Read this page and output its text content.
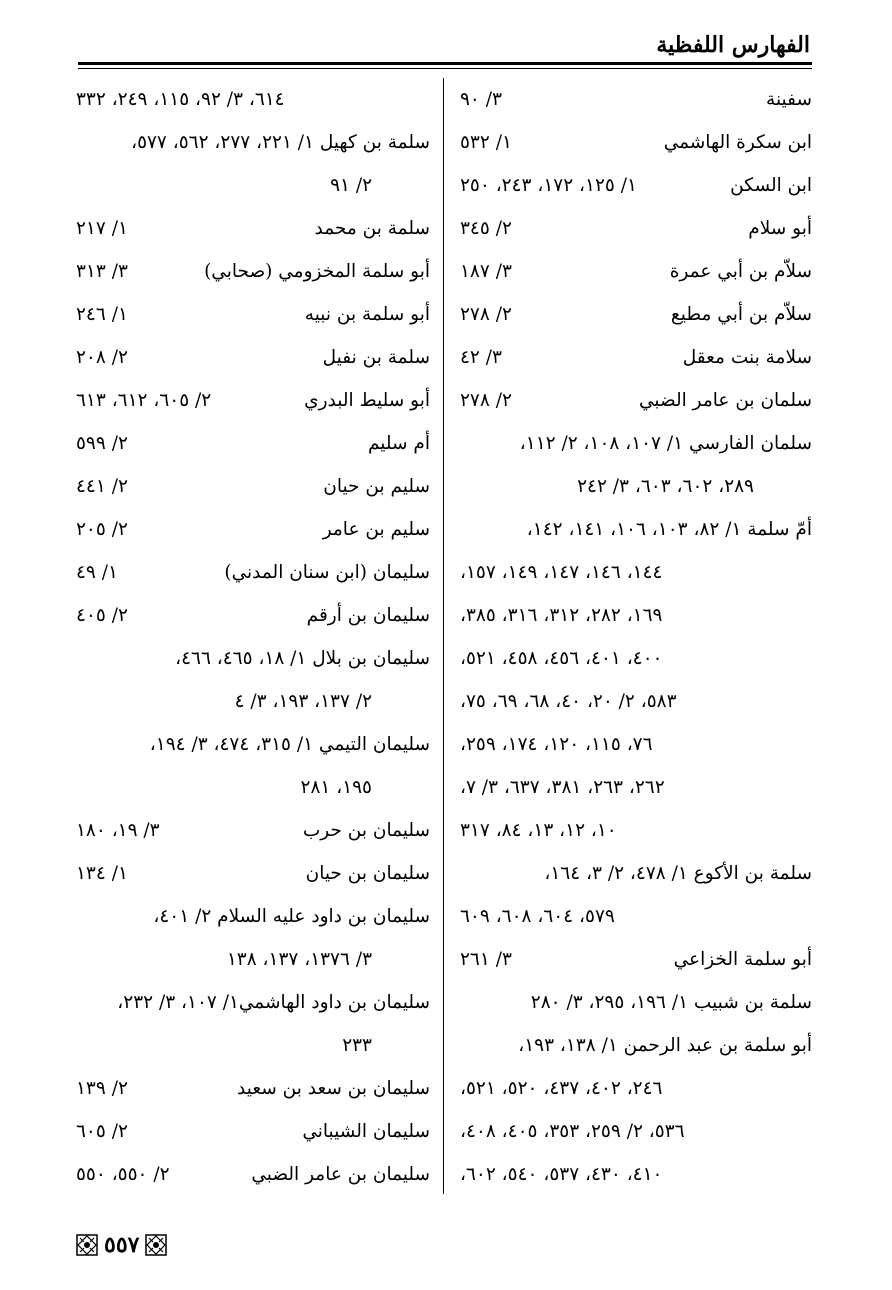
الفهارس اللفظية
سفينة
٣/ ٩٠
ابن سكرة الهاشمي
١/ ٥٣٢
ابن السكن
١/ ١٢٥، ١٧٢، ٢٤٣، ٢٥٠
أبو سلام
٢/ ٣٤٥
سلاّم بن أبي عمرة
٣/ ١٨٧
سلاّم بن أبي مطيع
٢/ ٢٧٨
سلامة بنت معقل
٣/ ٤٢
سلمان بن عامر الضبي
٢/ ٢٧٨
سلمان الفارسي ١/ ١٠٧، ١٠٨، ٢/ ١١٢،
٢٨٩، ٦٠٢، ٦٠٣، ٣/ ٢٤٢
أمّ سلمة ١/ ٨٢، ١٠٣، ١٠٦، ١٤١، ١٤٢،
١٤٤، ١٤٦، ١٤٧، ١٤٩، ١٥٧،
١٦٩، ٢٨٢، ٣١٢، ٣١٦، ٣٨٥،
٤٠٠، ٤٠١، ٤٥٦، ٤٥٨، ٥٢١،
٥٨٣، ٢/ ٢٠، ٤٠، ٦٨، ٦٩، ٧٥،
٧٦، ١١٥، ١٢٠، ١٧٤، ٢٥٩،
٢٦٢، ٢٦٣، ٣٨١، ٦٣٧، ٣/ ٧،
١٠، ١٢، ١٣، ٨٤، ٣١٧
سلمة بن الأكوع ١/ ٤٧٨، ٢/ ٣، ١٦٤،
٥٧٩، ٦٠٤، ٦٠٨، ٦٠٩
أبو سلمة الخزاعي
٣/ ٢٦١
سلمة بن شبيب ١/ ١٩٦، ٢٩٥، ٣/ ٢٨٠
أبو سلمة بن عبد الرحمن ١/ ١٣٨، ١٩٣،
٢٤٦، ٤٠٢، ٤٣٧، ٥٢٠، ٥٢١،
٥٣٦، ٢/ ٢٥٩، ٣٥٣، ٤٠٥، ٤٠٨،
٤١٠، ٤٣٠، ٥٣٧، ٥٤٠، ٦٠٢،
٦١٤، ٣/ ٩٢، ١١٥، ٢٤٩، ٣٣٢
سلمة بن كهيل ١/ ٢٢١، ٢٧٧، ٥٦٢، ٥٧٧،
٢/ ٩١
سلمة بن محمد
١/ ٢١٧
أبو سلمة المخزومي (صحابي)
٣/ ٣١٣
أبو سلمة بن نبيه
١/ ٢٤٦
سلمة بن نفيل
٢/ ٢٠٨
أبو سليط البدري
٢/ ٦٠٥، ٦١٢، ٦١٣
أم سليم
٢/ ٥٩٩
سليم بن حيان
٢/ ٤٤١
سليم بن عامر
٢/ ٢٠٥
سليمان (ابن سنان المدني)
١/ ٤٩
سليمان بن أرقم
٢/ ٤٠٥
سليمان بن بلال ١/ ١٨، ٤٦٥، ٤٦٦،
٢/ ١٣٧، ١٩٣، ٣/ ٤
سليمان التيمي ١/ ٣١٥، ٤٧٤، ٣/ ١٩٤،
١٩٥، ٢٨١
سليمان بن حرب
٣/ ١٩، ١٨٠
سليمان بن حيان
١/ ١٣٤
سليمان بن داود عليه السلام ٢/ ٤٠١،
٣/ ١٣٧٦، ١٣٧، ١٣٨
سليمان بن داود الهاشمي١/ ١٠٧، ٣/ ٢٣٢،
٢٣٣
سليمان بن سعد بن سعيد
٢/ ١٣٩
سليمان الشيباني
٢/ ٦٠٥
سليمان بن عامر الضبي
٢/ ٥٥٠، ٥٥٠
٥٥٧
